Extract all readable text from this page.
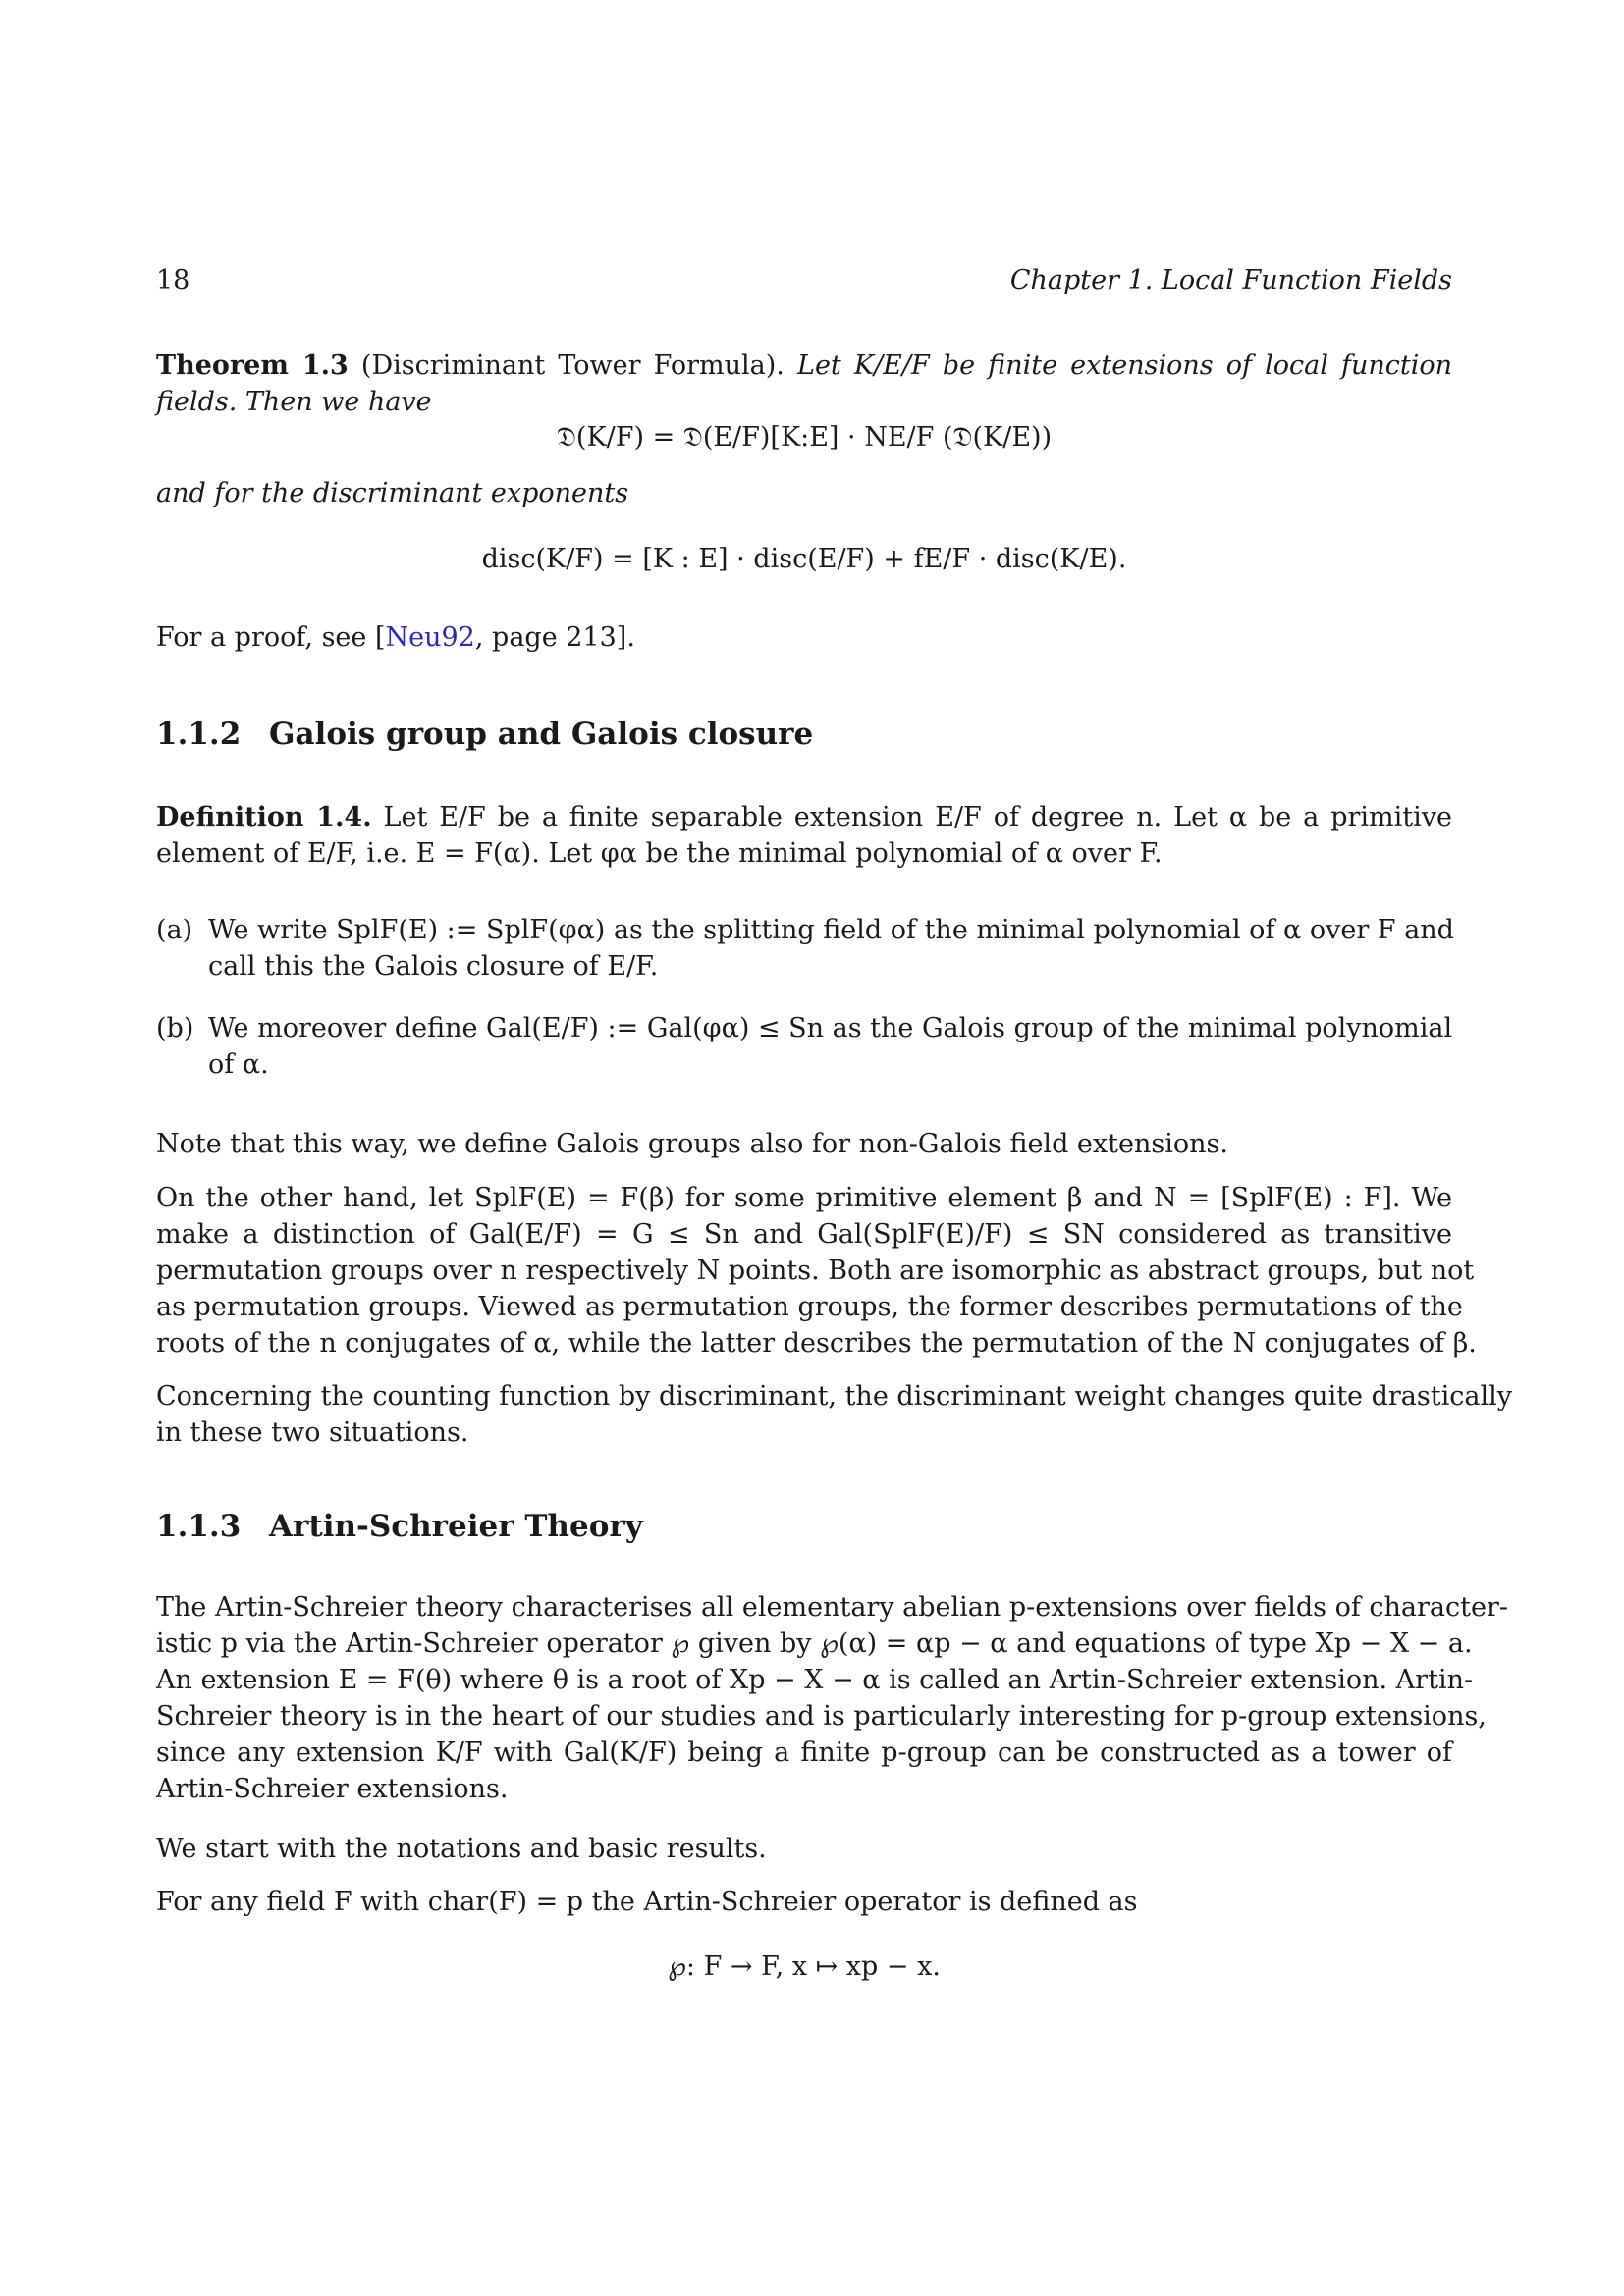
18	Chapter 1. Local Function Fields
Theorem 1.3 (Discriminant Tower Formula). Let K/E/F be finite extensions of local function
fields. Then we have
𝔇(K/F) = 𝔇(E/F)[K:E] · NE/F (𝔇(K/E))
and for the discriminant exponents
disc(K/F) = [K : E] · disc(E/F) + fE/F · disc(K/E).
For a proof, see [Neu92, page 213].
1.1.2 Galois group and Galois closure
Definition 1.4. Let E/F be a finite separable extension E/F of degree n. Let α be a primitive
element of E/F, i.e. E = F(α). Let φα be the minimal polynomial of α over F.
(a) We write SplF(E) := SplF(φα) as the splitting field of the minimal polynomial of α over F and
call this the Galois closure of E/F.
(b) We moreover define Gal(E/F) := Gal(φα) ≤ Sn as the Galois group of the minimal polynomial
of α.
Note that this way, we define Galois groups also for non-Galois field extensions.
On the other hand, let SplF(E) = F(β) for some primitive element β and N = [SplF(E) : F]. We
make a distinction of Gal(E/F) = G ≤ Sn and Gal(SplF(E)/F) ≤ SN considered as transitive
permutation groups over n respectively N points. Both are isomorphic as abstract groups, but not
as permutation groups. Viewed as permutation groups, the former describes permutations of the
roots of the n conjugates of α, while the latter describes the permutation of the N conjugates of β.
Concerning the counting function by discriminant, the discriminant weight changes quite drastically
in these two situations.
1.1.3 Artin-Schreier Theory
The Artin-Schreier theory characterises all elementary abelian p-extensions over fields of character-
istic p via the Artin-Schreier operator ℘ given by ℘(α) = αp − α and equations of type Xp − X − a.
An extension E = F(θ) where θ is a root of Xp − X − α is called an Artin-Schreier extension. Artin-
Schreier theory is in the heart of our studies and is particularly interesting for p-group extensions,
since any extension K/F with Gal(K/F) being a finite p-group can be constructed as a tower of
Artin-Schreier extensions.
We start with the notations and basic results.
For any field F with char(F) = p the Artin-Schreier operator is defined as
℘: F → F, x ↦ xp − x.
